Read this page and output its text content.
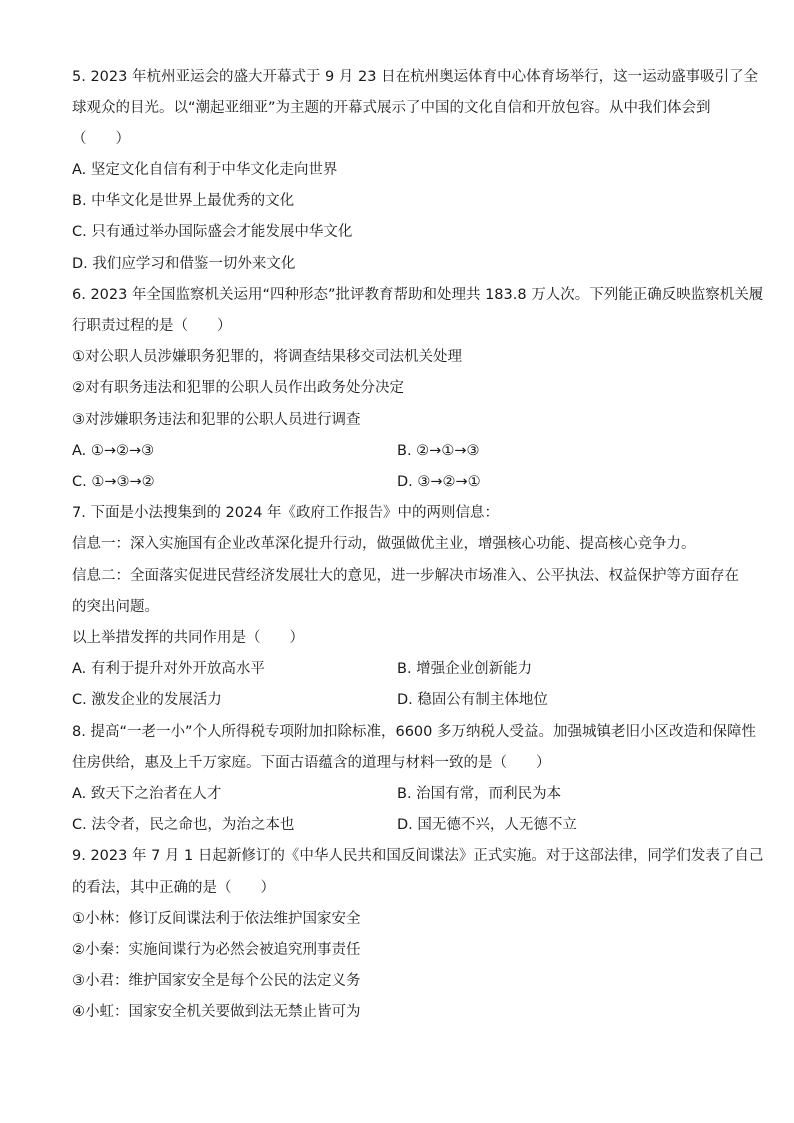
5. 2023 年杭州亚运会的盛大开幕式于 9 月 23 日在杭州奥运体育中心体育场举行，这一运动盛事吸引了全
球观众的目光。以“潮起亚细亚”为主题的开幕式展示了中国的文化自信和开放包容。从中我们体会到
（　　）
A. 坚定文化自信有利于中华文化走向世界
B. 中华文化是世界上最优秀的文化
C. 只有通过举办国际盛会才能发展中华文化
D. 我们应学习和借鉴一切外来文化
6. 2023 年全国监察机关运用“四种形态”批评教育帮助和处理共 183.8 万人次。下列能正确反映监察机关履
行职责过程的是（　　）
①对公职人员涉嫌职务犯罪的，将调查结果移交司法机关处理
②对有职务违法和犯罪的公职人员作出政务处分决定
③对涉嫌职务违法和犯罪的公职人员进行调查
A. ①→②→③	B. ②→①→③
C. ①→③→②	D. ③→②→①
7. 下面是小法搜集到的 2024 年《政府工作报告》中的两则信息：
信息一：深入实施国有企业改革深化提升行动，做强做优主业，增强核心功能、提高核心竞争力。
信息二：全面落实促进民营经济发展壮大的意见，进一步解决市场准入、公平执法、权益保护等方面存在
的突出问题。
以上举措发挥的共同作用是（　　）
A. 有利于提升对外开放高水平	B. 增强企业创新能力
C. 激发企业的发展活力	D. 稳固公有制主体地位
8. 提高“一老一小”个人所得税专项附加扣除标准，6600 多万纳税人受益。加强城镇老旧小区改造和保障性
住房供给，惠及上千万家庭。下面古语蕴含的道理与材料一致的是（　　）
A. 致天下之治者在人才	B. 治国有常，而利民为本
C. 法令者，民之命也，为治之本也	D. 国无德不兴，人无德不立
9. 2023 年 7 月 1 日起新修订的《中华人民共和国反间谍法》正式实施。对于这部法律，同学们发表了自己
的看法，其中正确的是（　　）
①小林：修订反间谍法利于依法维护国家安全
②小秦：实施间谍行为必然会被追究刑事责任
③小君：维护国家安全是每个公民的法定义务
④小虹：国家安全机关要做到法无禁止皆可为
